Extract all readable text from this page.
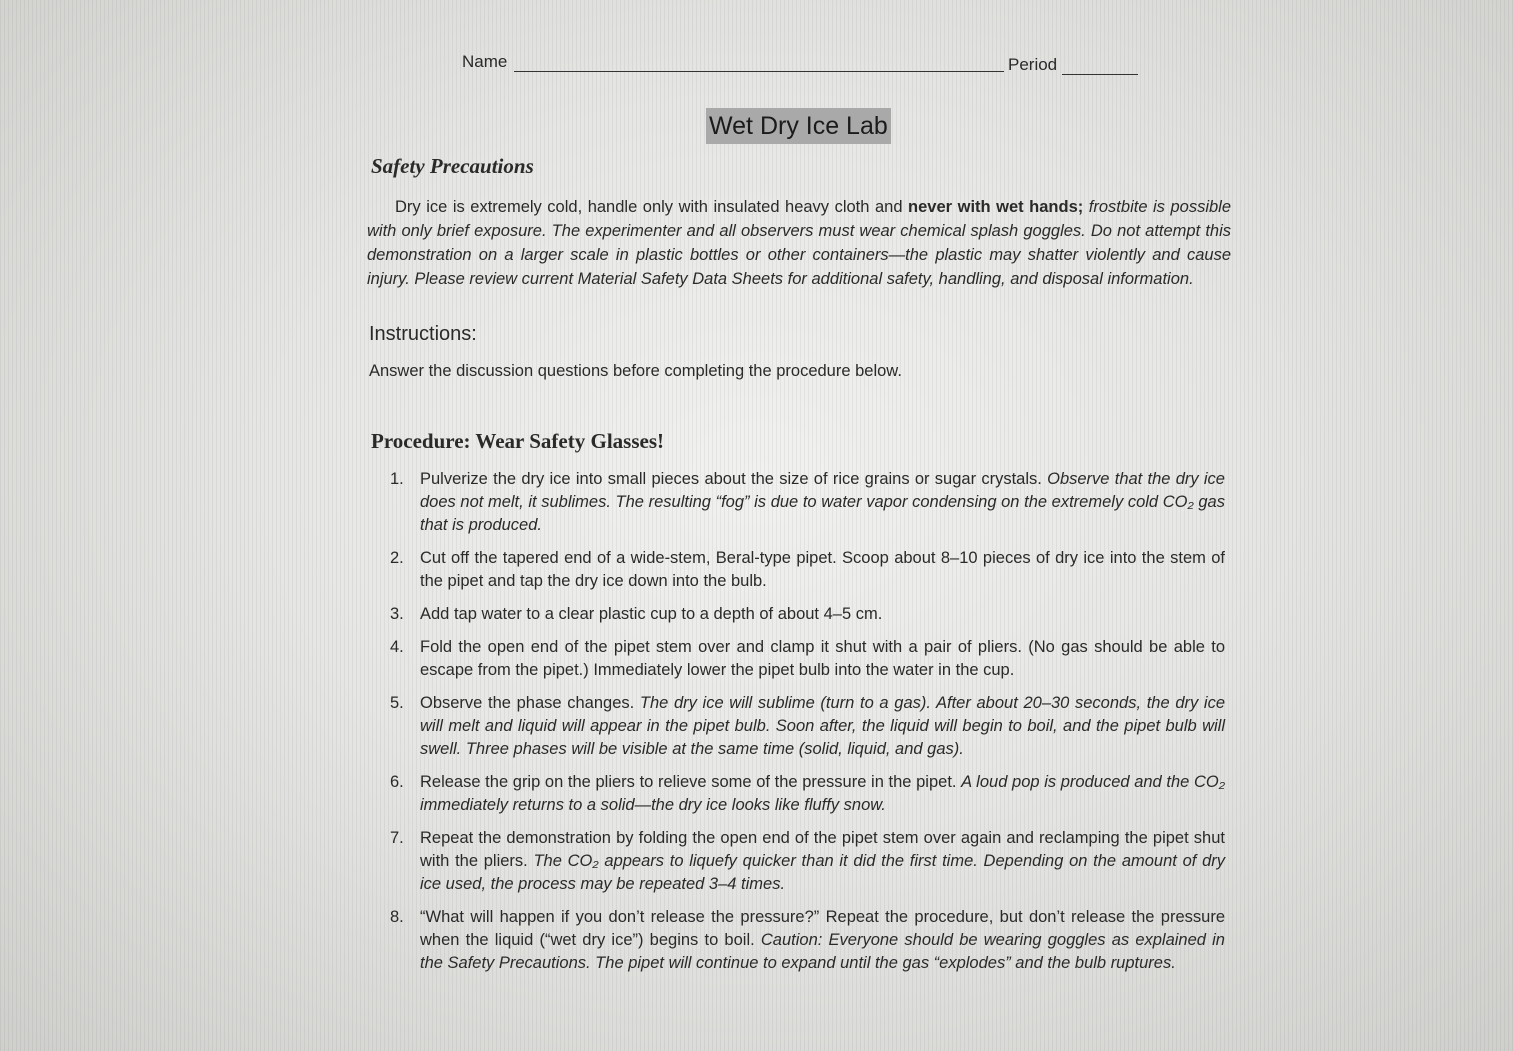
Name	Period
Wet Dry Ice Lab
Safety Precautions
Dry ice is extremely cold, handle only with insulated heavy cloth and never with wet hands; frostbite is possible with only brief exposure. The experimenter and all observers must wear chemical splash goggles. Do not attempt this demonstration on a larger scale in plastic bottles or other containers—the plastic may shatter violently and cause injury. Please review current Material Safety Data Sheets for additional safety, handling, and disposal information.
Instructions:
Answer the discussion questions before completing the procedure below.
Procedure: Wear Safety Glasses!
1. Pulverize the dry ice into small pieces about the size of rice grains or sugar crystals. Observe that the dry ice does not melt, it sublimes. The resulting “fog” is due to water vapor condensing on the extremely cold CO₂ gas that is produced.
2. Cut off the tapered end of a wide-stem, Beral-type pipet. Scoop about 8–10 pieces of dry ice into the stem of the pipet and tap the dry ice down into the bulb.
3. Add tap water to a clear plastic cup to a depth of about 4–5 cm.
4. Fold the open end of the pipet stem over and clamp it shut with a pair of pliers. (No gas should be able to escape from the pipet.) Immediately lower the pipet bulb into the water in the cup.
5. Observe the phase changes. The dry ice will sublime (turn to a gas). After about 20–30 seconds, the dry ice will melt and liquid will appear in the pipet bulb. Soon after, the liquid will begin to boil, and the pipet bulb will swell. Three phases will be visible at the same time (solid, liquid, and gas).
6. Release the grip on the pliers to relieve some of the pressure in the pipet. A loud pop is produced and the CO₂ immediately returns to a solid—the dry ice looks like fluffy snow.
7. Repeat the demonstration by folding the open end of the pipet stem over again and reclamping the pipet shut with the pliers. The CO₂ appears to liquefy quicker than it did the first time. Depending on the amount of dry ice used, the process may be repeated 3–4 times.
8. “What will happen if you don’t release the pressure?” Repeat the procedure, but don’t release the pressure when the liquid (“wet dry ice”) begins to boil. Caution: Everyone should be wearing goggles as explained in the Safety Precautions. The pipet will continue to expand until the gas “explodes” and the bulb ruptures.
